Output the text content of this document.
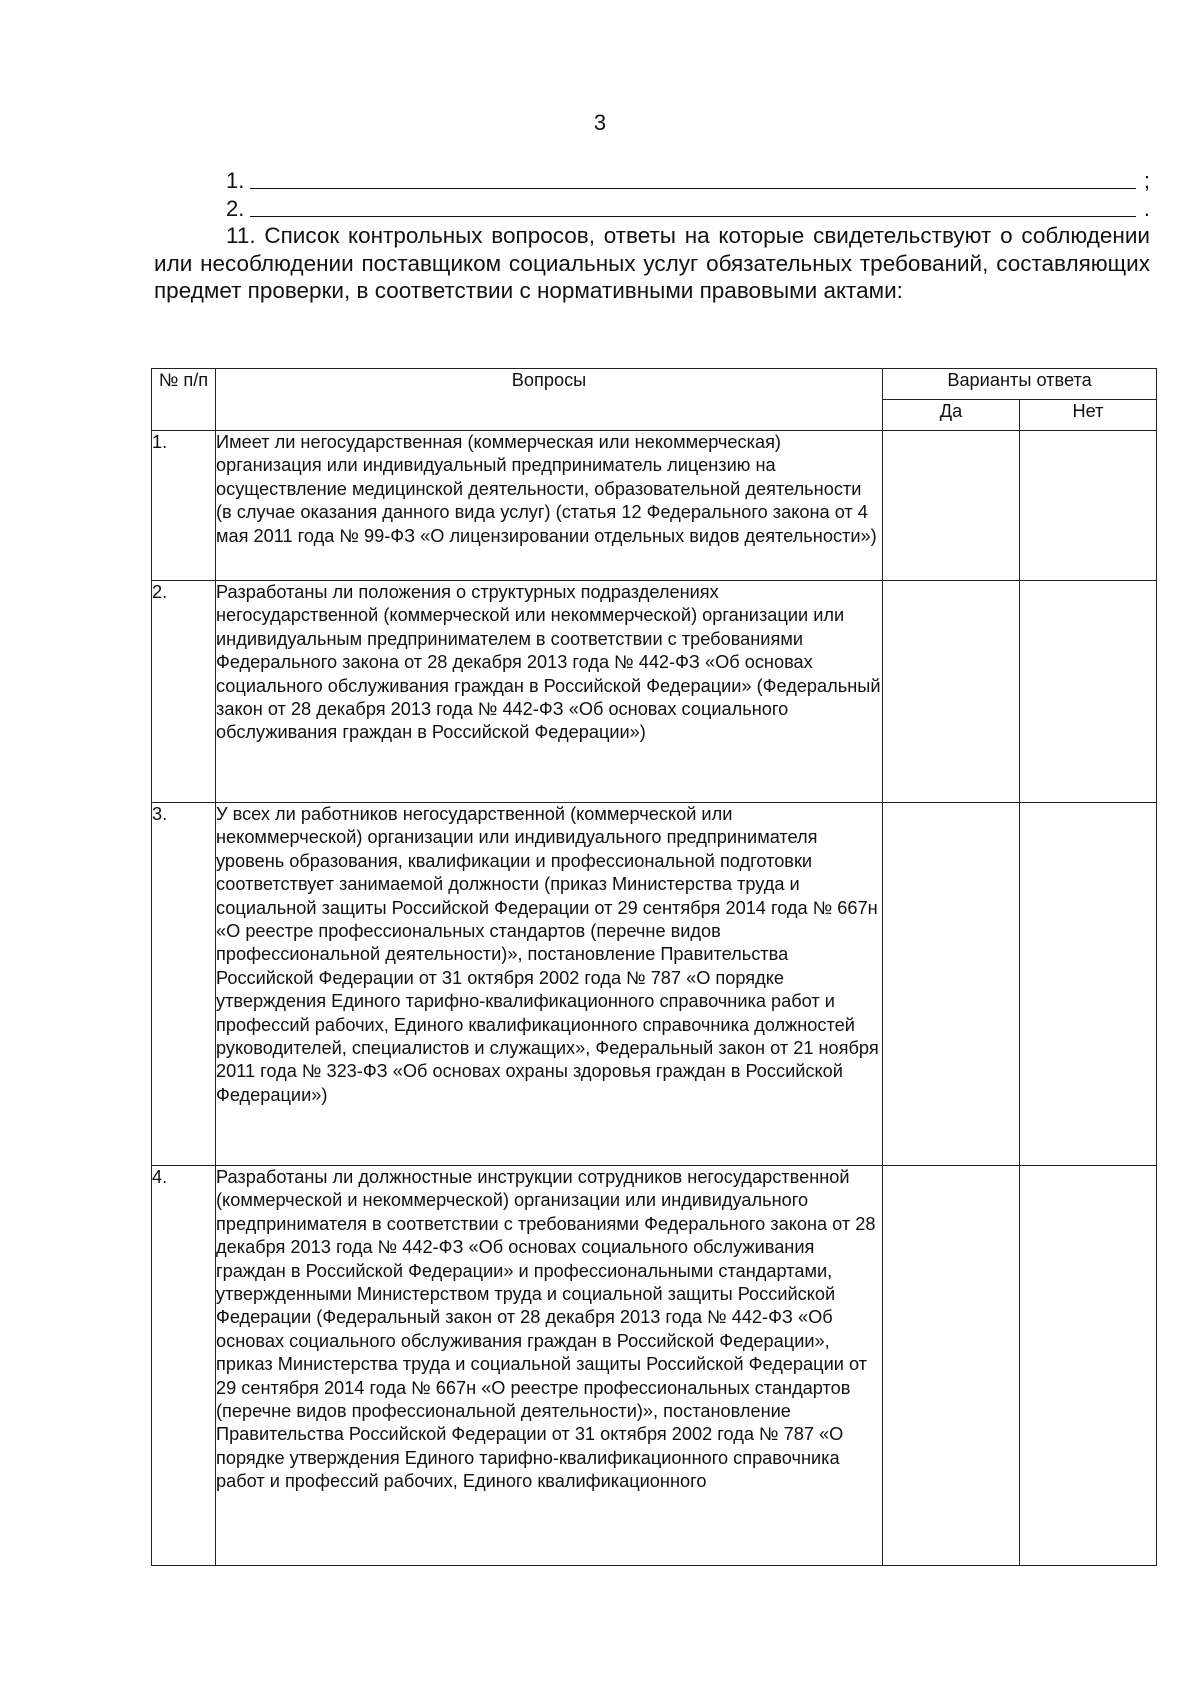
3
1.	;
2.	.

11. Список контрольных вопросов, ответы на которые свидетельствуют о соблюдении или несоблюдении поставщиком социальных услуг обязательных требований, составляющих предмет проверки, в соответствии с нормативными правовыми актами:

№ п/п	Вопросы	Варианты ответа	
		Да	Нет
1.	Имеет ли негосударственная (коммерческая или некоммерческая) организация или индивидуальный предприниматель лицензию на осуществление медицинской деятельности, образовательной деятельности (в случае оказания данного вида услуг) (статья 12 Федерального закона от 4 мая 2011 года № 99-ФЗ «О лицензировании отдельных видов деятельности»)		
2.	Разработаны ли положения о структурных подразделениях негосударственной (коммерческой или некоммерческой) организации или индивидуальным предпринимателем в соответствии с требованиями Федерального закона от 28 декабря 2013 года № 442-ФЗ «Об основах социального обслуживания граждан в Российской Федерации» (Федеральный закон от 28 декабря 2013 года № 442-ФЗ «Об основах социального обслуживания граждан в Российской Федерации»)		
3.	У всех ли работников негосударственной (коммерческой или некоммерческой) организации или индивидуального предпринимателя уровень образования, квалификации и профессиональной подготовки соответствует занимаемой должности (приказ Министерства труда и социальной защиты Российской Федерации от 29 сентября 2014 года № 667н «О реестре профессиональных стандартов (перечне видов профессиональной деятельности)», постановление Правительства Российской Федерации от 31 октября 2002 года № 787 «О порядке утверждения Единого тарифно-квалификационного справочника работ и профессий рабочих, Единого квалификационного справочника должностей руководителей, специалистов и служащих», Федеральный закон от 21 ноября 2011 года № 323-ФЗ «Об основах охраны здоровья граждан в Российской Федерации»)		
4.	Разработаны ли должностные инструкции сотрудников негосударственной (коммерческой и некоммерческой) организации или индивидуального предпринимателя в соответствии с требованиями Федерального закона от 28 декабря 2013 года № 442-ФЗ «Об основах социального обслуживания граждан в Российской Федерации» и профессиональными стандартами, утвержденными Министерством труда и социальной защиты Российской Федерации (Федеральный закон от 28 декабря 2013 года № 442-ФЗ «Об основах социального обслуживания граждан в Российской Федерации», приказ Министерства труда и социальной защиты Российской Федерации от 29 сентября 2014 года № 667н «О реестре профессиональных стандартов (перечне видов профессиональной деятельности)», постановление Правительства Российской Федерации от 31 октября 2002 года № 787 «О порядке утверждения Единого тарифно-квалификационного справочника работ и профессий рабочих, Единого квалификационного		
